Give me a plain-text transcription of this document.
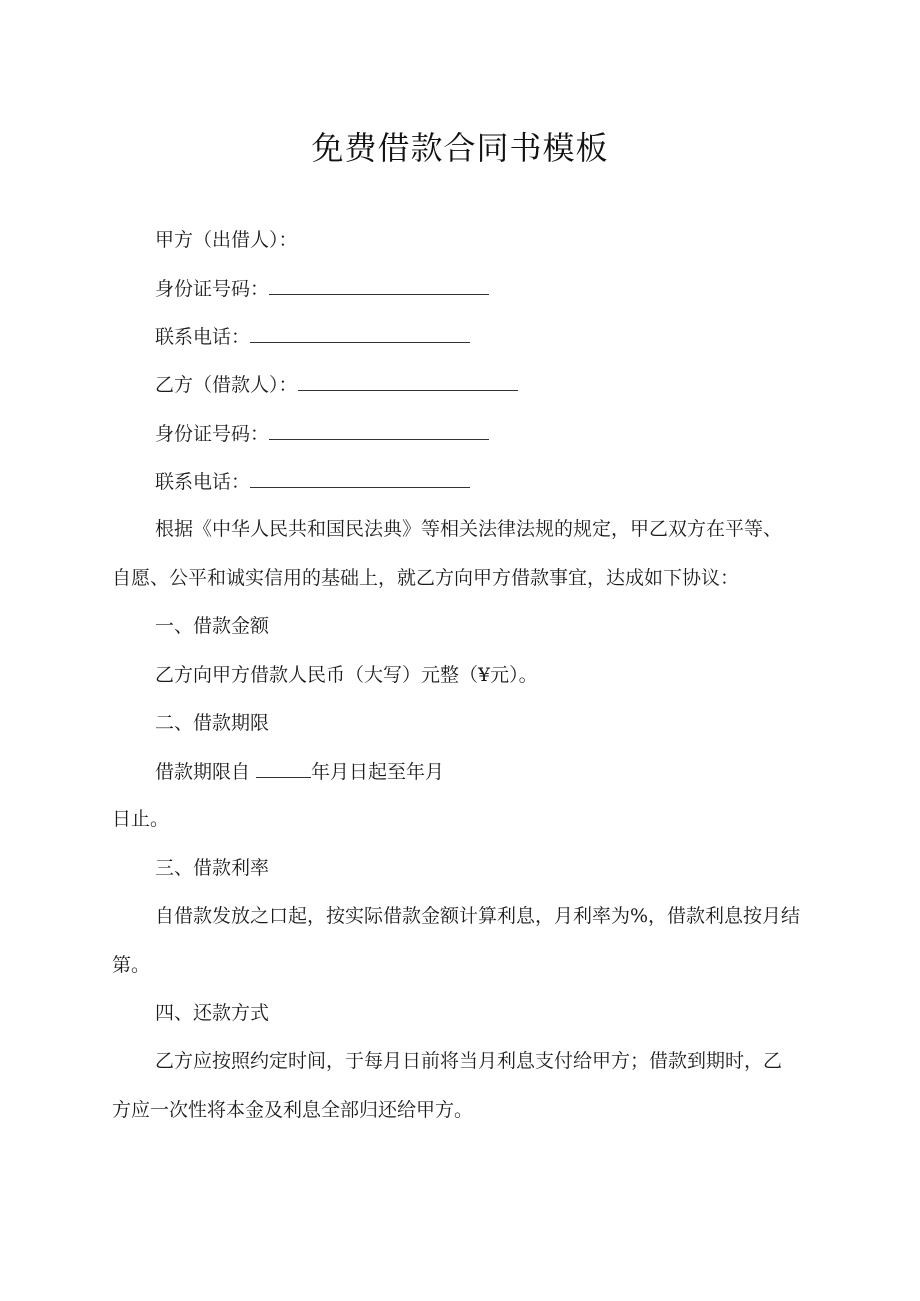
免费借款合同书模板
甲方（出借人）：
身份证号码：
联系电话：
乙方（借款人）：
身份证号码：
联系电话：
根据《中华人民共和国民法典》等相关法律法规的规定，甲乙双方在平等、
自愿、公平和诚实信用的基础上，就乙方向甲方借款事宜，达成如下协议：
一、借款金额
乙方向甲方借款人民币（大写）元整（¥元）。
二、借款期限
借款期限自	年月日起至年月
日止。
三、借款利率
自借款发放之口起，按实际借款金额计算利息，月利率为%，借款利息按月结
第。
四、还款方式
乙方应按照约定时间，于每月日前将当月利息支付给甲方；借款到期时，乙
方应一次性将本金及利息全部归还给甲方。
